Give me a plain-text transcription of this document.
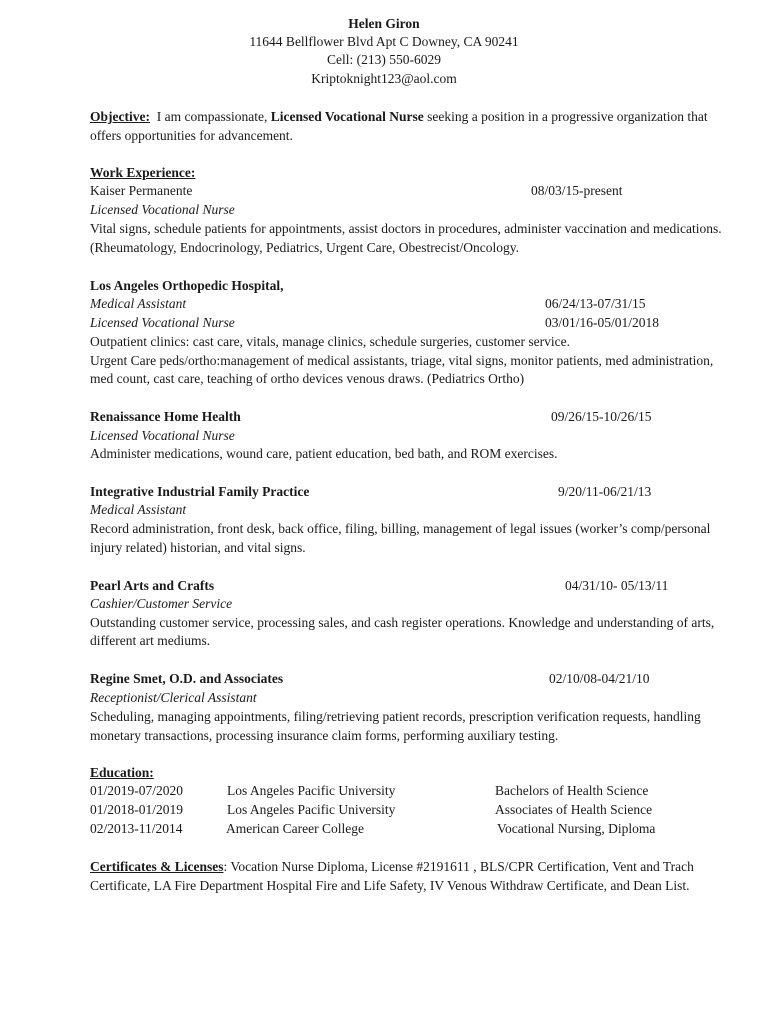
Helen Giron
11644 Bellflower Blvd Apt C Downey, CA 90241
Cell: (213) 550-6029
Kriptoknight123@aol.com
Objective: I am compassionate, Licensed Vocational Nurse seeking a position in a progressive organization that
offers opportunities for advancement.
Work Experience:
Kaiser Permanente	08/03/15-present
Licensed Vocational Nurse
Vital signs, schedule patients for appointments, assist doctors in procedures, administer vaccination and medications.
(Rheumatology, Endocrinology, Pediatrics, Urgent Care, Obestrecist/Oncology.
Los Angeles Orthopedic Hospital,
Medical Assistant	06/24/13-07/31/15
Licensed Vocational Nurse	03/01/16-05/01/2018
Outpatient clinics: cast care, vitals, manage clinics, schedule surgeries, customer service.
Urgent Care peds/ortho:management of medical assistants, triage, vital signs, monitor patients, med administration,
med count, cast care, teaching of ortho devices venous draws. (Pediatrics Ortho)
Renaissance Home Health	09/26/15-10/26/15
Licensed Vocational Nurse
Administer medications, wound care, patient education, bed bath, and ROM exercises.
Integrative Industrial Family Practice	9/20/11-06/21/13
Medical Assistant
Record administration, front desk, back office, filing, billing, management of legal issues (worker’s comp/personal
injury related) historian, and vital signs.
Pearl Arts and Crafts	04/31/10- 05/13/11
Cashier/Customer Service
Outstanding customer service, processing sales, and cash register operations. Knowledge and understanding of arts,
different art mediums.
Regine Smet, O.D. and Associates	02/10/08-04/21/10
Receptionist/Clerical Assistant
Scheduling, managing appointments, filing/retrieving patient records, prescription verification requests, handling
monetary transactions, processing insurance claim forms, performing auxiliary testing.
Education:
01/2019-07/2020	Los Angeles Pacific University	Bachelors of Health Science
01/2018-01/2019	Los Angeles Pacific University	Associates of Health Science
02/2013-11/2014	American Career College	Vocational Nursing, Diploma
Certificates & Licenses: Vocation Nurse Diploma, License #2191611 , BLS/CPR Certification, Vent and Trach
Certificate, LA Fire Department Hospital Fire and Life Safety, IV Venous Withdraw Certificate, and Dean List.
